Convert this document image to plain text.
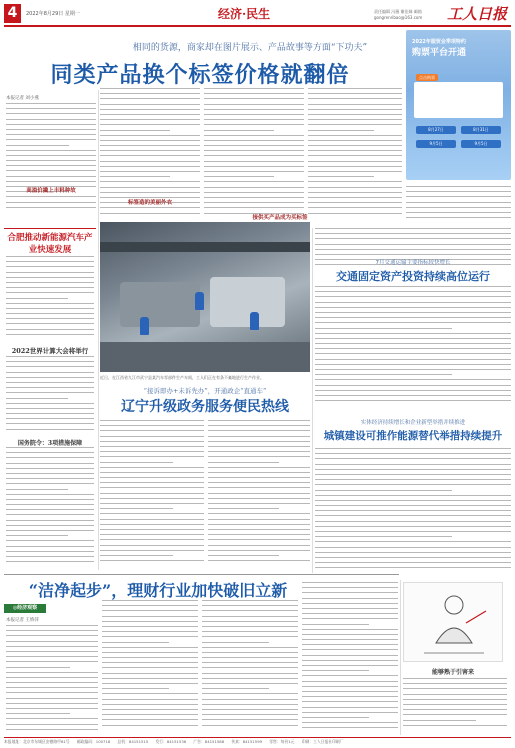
4	2022年8月29日 星期一	经济·民生	责任编辑 冯薇 谢佳娣 邮箱 gongrenribao@163.com	工人日报
相同的货源，商家却在图片展示、产品故事等方面“下功夫”
同类产品换个标签价格就翻倍
本报记者 刘小燕
高溢价撬上丰料种故
标签造的美丽外衣
接供买产品成为买标签
2022年服贸会季项特约
购票平台开通
点击购票
8月27日	8月31日
9月5日	9月5日
合肥推动新能源汽车产业快速发展
2022世界计算大会将举行
国务院令：3项措施保障
近日，在江西省九江市武宁县某汽车零部件生产车间，工人们正在有条不紊地进行生产作业。
“接诉即办+未诉先办”，开通政企“直通车”
辽宁升级政务服务便民热线
7月交通运输主要指标较快增长
交通固定资产投资持续高位运行
实体经济持续增长和企业新型举措并续推进
城镇建设可推作能源替代举措持续提升
“洁净起步”，理财行业加快破旧立新
◎经济观察
本报记者 王娇萍
能够熟于引害来
本报地址：北京市东城区安德路甲61号 邮政编码：100718 总机：84151515 发行：84151536 广告：84151588 传真：84151599 零售：每份1元 印刷：工人日报社印刷厂
